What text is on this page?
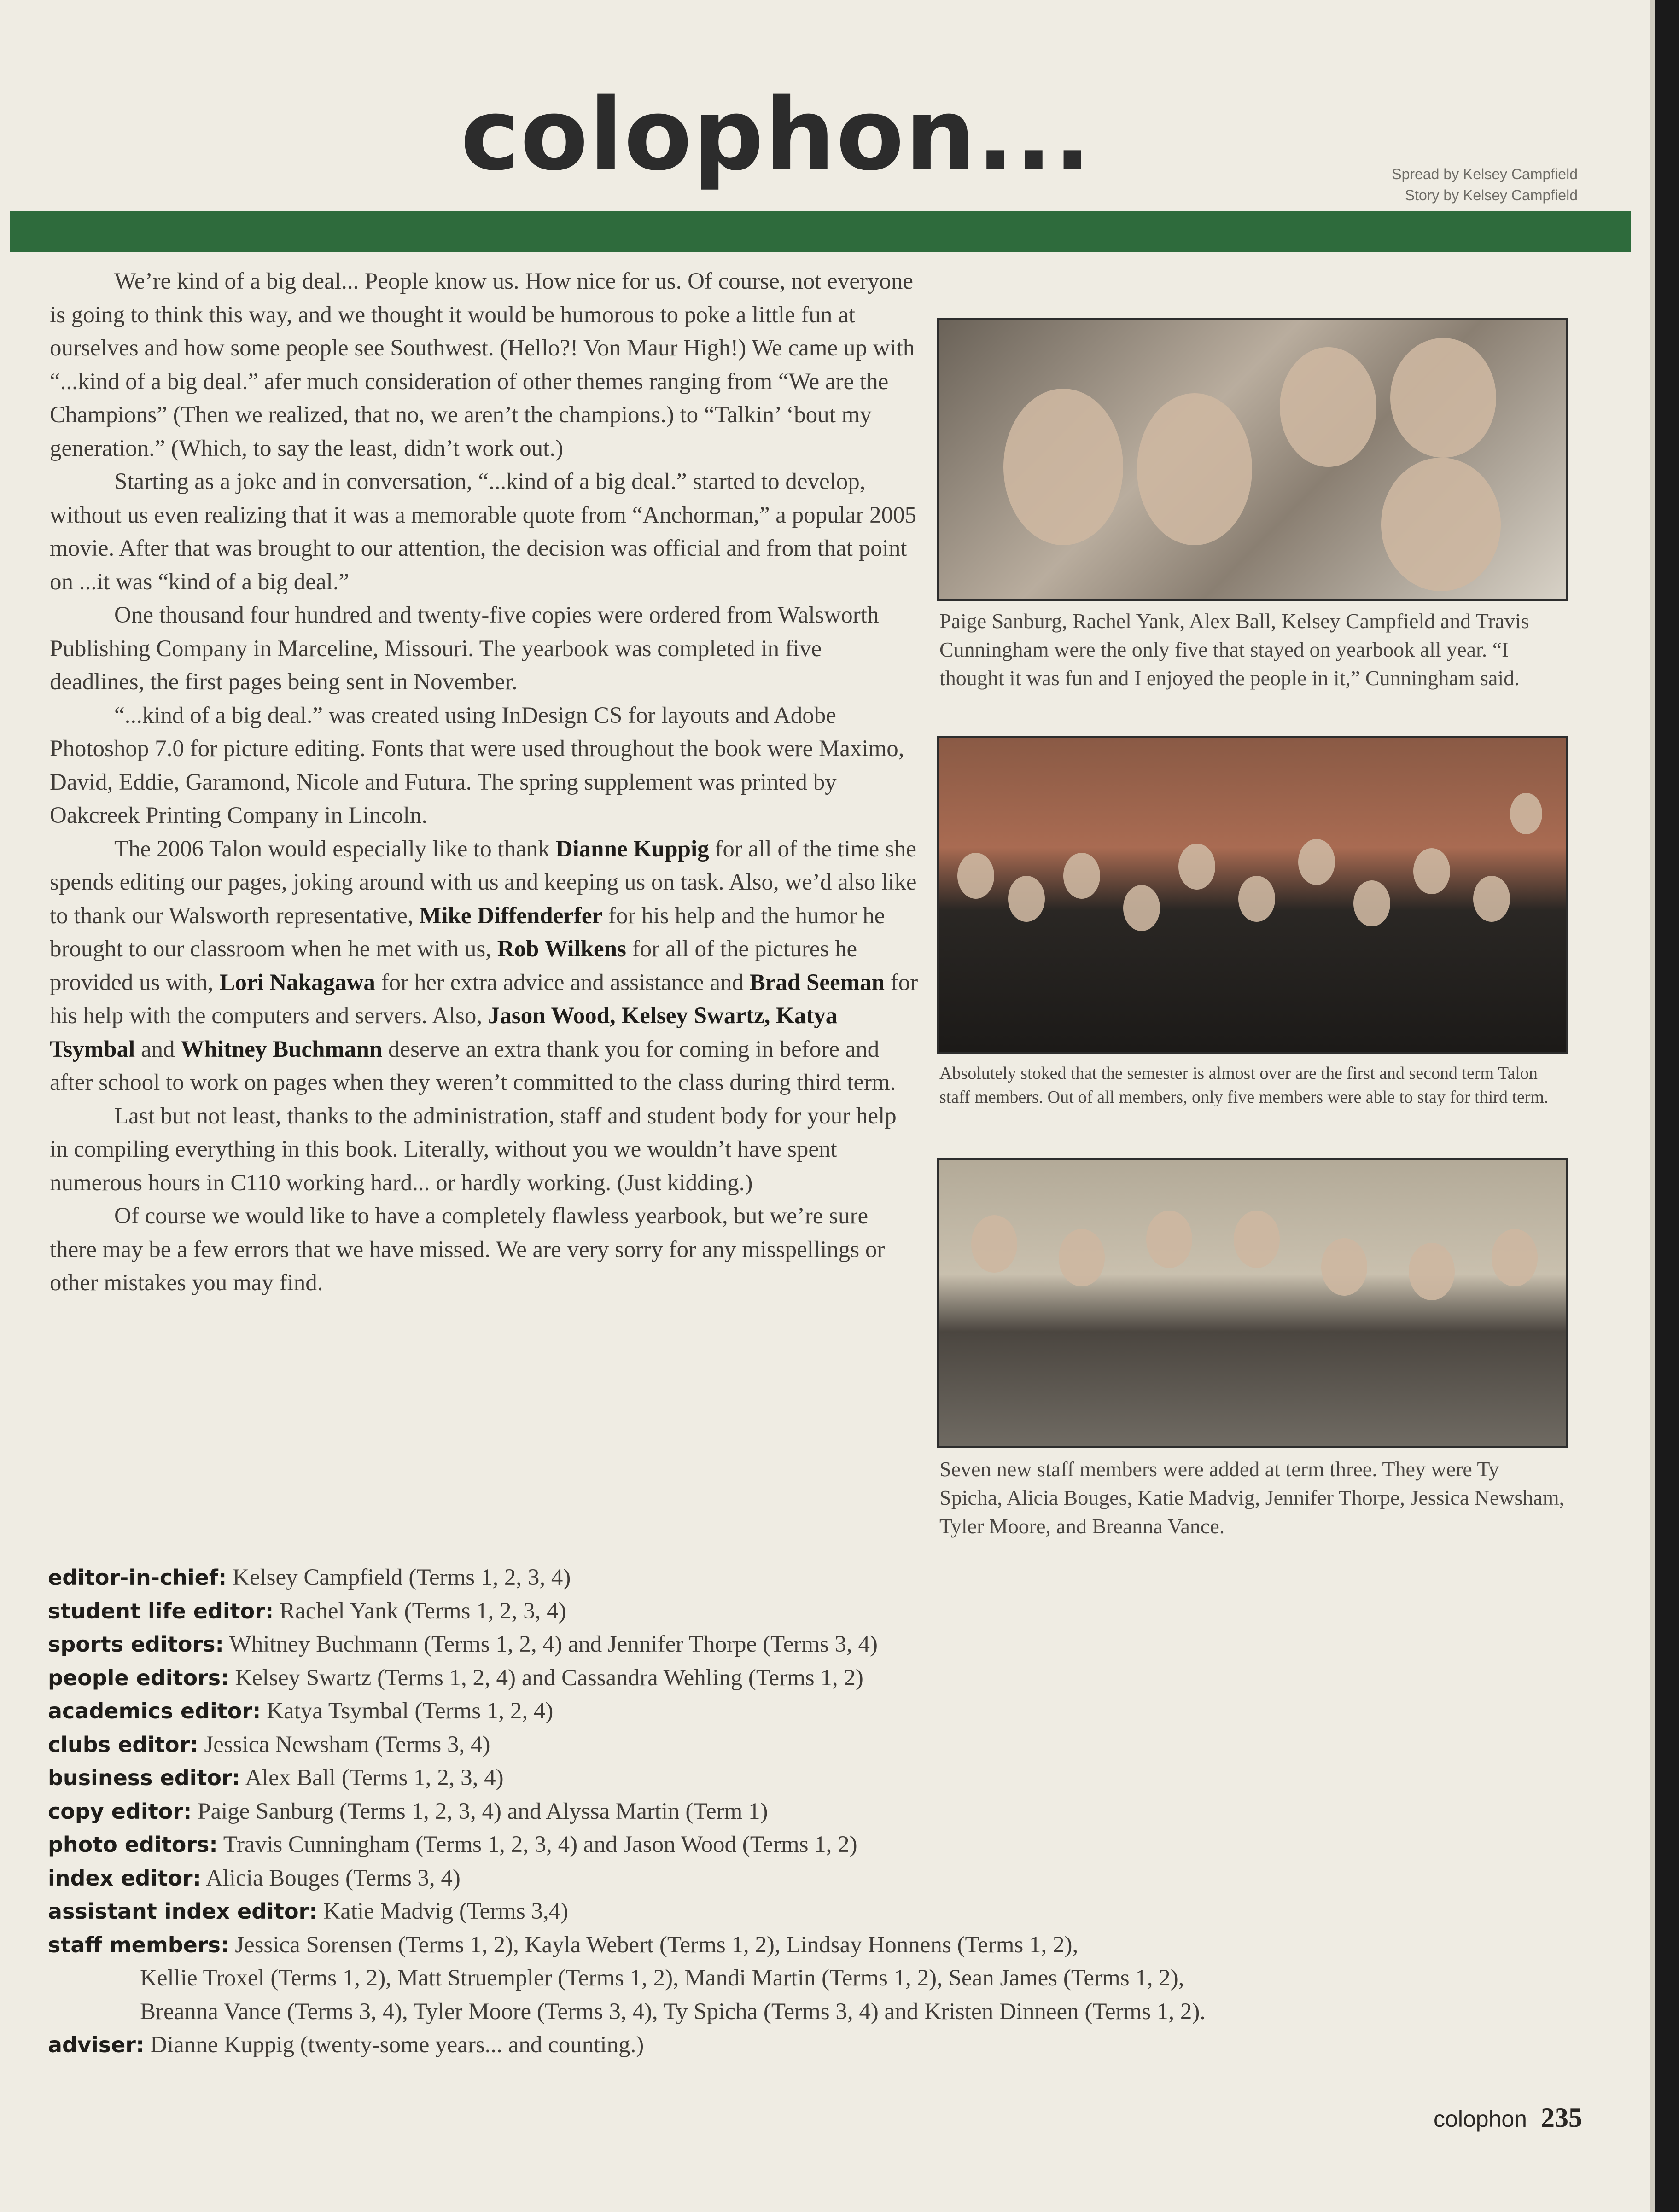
colophon...	Spread by Kelsey Campfield
Story by Kelsey Campfield

We’re kind of a big deal... People know us. How nice for us. Of course, not everyone is going to think this way, and we thought it would be humorous to poke a little fun at ourselves and how some people see Southwest. (Hello?! Von Maur High!) We came up with “...kind of a big deal.” afer much consideration of other themes ranging from “We are the Champions” (Then we realized, that no, we aren’t the champions.) to “Talkin’ ‘bout my generation.” (Which, to say the least, didn’t work out.)

Starting as a joke and in conversation, “...kind of a big deal.” started to develop, without us even realizing that it was a memorable quote from “Anchorman,” a popular 2005 movie. After that was brought to our attention, the decision was official and from that point on ...it was “kind of a big deal.”

One thousand four hundred and twenty-five copies were ordered from Walsworth Publishing Company in Marceline, Missouri. The yearbook was completed in five deadlines, the first pages being sent in November.

“...kind of a big deal.” was created using InDesign CS for layouts and Adobe Photoshop 7.0 for picture editing. Fonts that were used throughout the book were Maximo, David, Eddie, Garamond, Nicole and Futura. The spring supplement was printed by Oakcreek Printing Company in Lincoln.

The 2006 Talon would especially like to thank Dianne Kuppig for all of the time she spends editing our pages, joking around with us and keeping us on task. Also, we’d also like to thank our Walsworth representative, Mike Diffenderfer for his help and the humor he brought to our classroom when he met with us, Rob Wilkens for all of the pictures he provided us with, Lori Nakagawa for her extra advice and assistance and Brad Seeman for his help with the computers and servers. Also, Jason Wood, Kelsey Swartz, Katya Tsymbal and Whitney Buchmann deserve an extra thank you for coming in before and after school to work on pages when they weren’t committed to the class during third term.

Last but not least, thanks to the administration, staff and student body for your help in compiling everything in this book. Literally, without you we wouldn’t have spent numerous hours in C110 working hard... or hardly working. (Just kidding.)

Of course we would like to have a completely flawless yearbook, but we’re sure there may be a few errors that we have missed. We are very sorry for any misspellings or other mistakes you may find.

Paige Sanburg, Rachel Yank, Alex Ball, Kelsey Campfield and Travis Cunningham were the only five that stayed on yearbook all year. “I thought it was fun and I enjoyed the people in it,” Cunningham said.
Absolutely stoked that the semester is almost over are the first and second term Talon staff members. Out of all members, only five members were able to stay for third term.
Seven new staff members were added at term three. They were Ty Spicha, Alicia Bouges, Katie Madvig, Jennifer Thorpe, Jessica Newsham, Tyler Moore, and Breanna Vance.
editor-in-chief: Kelsey Campfield (Terms 1, 2, 3, 4)
student life editor: Rachel Yank (Terms 1, 2, 3, 4)
sports editors: Whitney Buchmann (Terms 1, 2, 4) and Jennifer Thorpe (Terms 3, 4)
people editors: Kelsey Swartz (Terms 1, 2, 4) and Cassandra Wehling (Terms 1, 2)
academics editor: Katya Tsymbal (Terms 1, 2, 4)
clubs editor: Jessica Newsham (Terms 3, 4)
business editor: Alex Ball (Terms 1, 2, 3, 4)
copy editor: Paige Sanburg (Terms 1, 2, 3, 4) and Alyssa Martin (Term 1)
photo editors: Travis Cunningham (Terms 1, 2, 3, 4) and Jason Wood (Terms 1, 2)
index editor: Alicia Bouges (Terms 3, 4)
assistant index editor: Katie Madvig (Terms 3,4)
staff members: Jessica Sorensen (Terms 1, 2), Kayla Webert (Terms 1, 2), Lindsay Honnens (Terms 1, 2),
Kellie Troxel (Terms 1, 2), Matt Struempler (Terms 1, 2), Mandi Martin (Terms 1, 2), Sean James (Terms 1, 2),
Breanna Vance (Terms 3, 4), Tyler Moore (Terms 3, 4), Ty Spicha (Terms 3, 4) and Kristen Dinneen (Terms 1, 2).
adviser: Dianne Kuppig (twenty-some years... and counting.)
colophon 235
